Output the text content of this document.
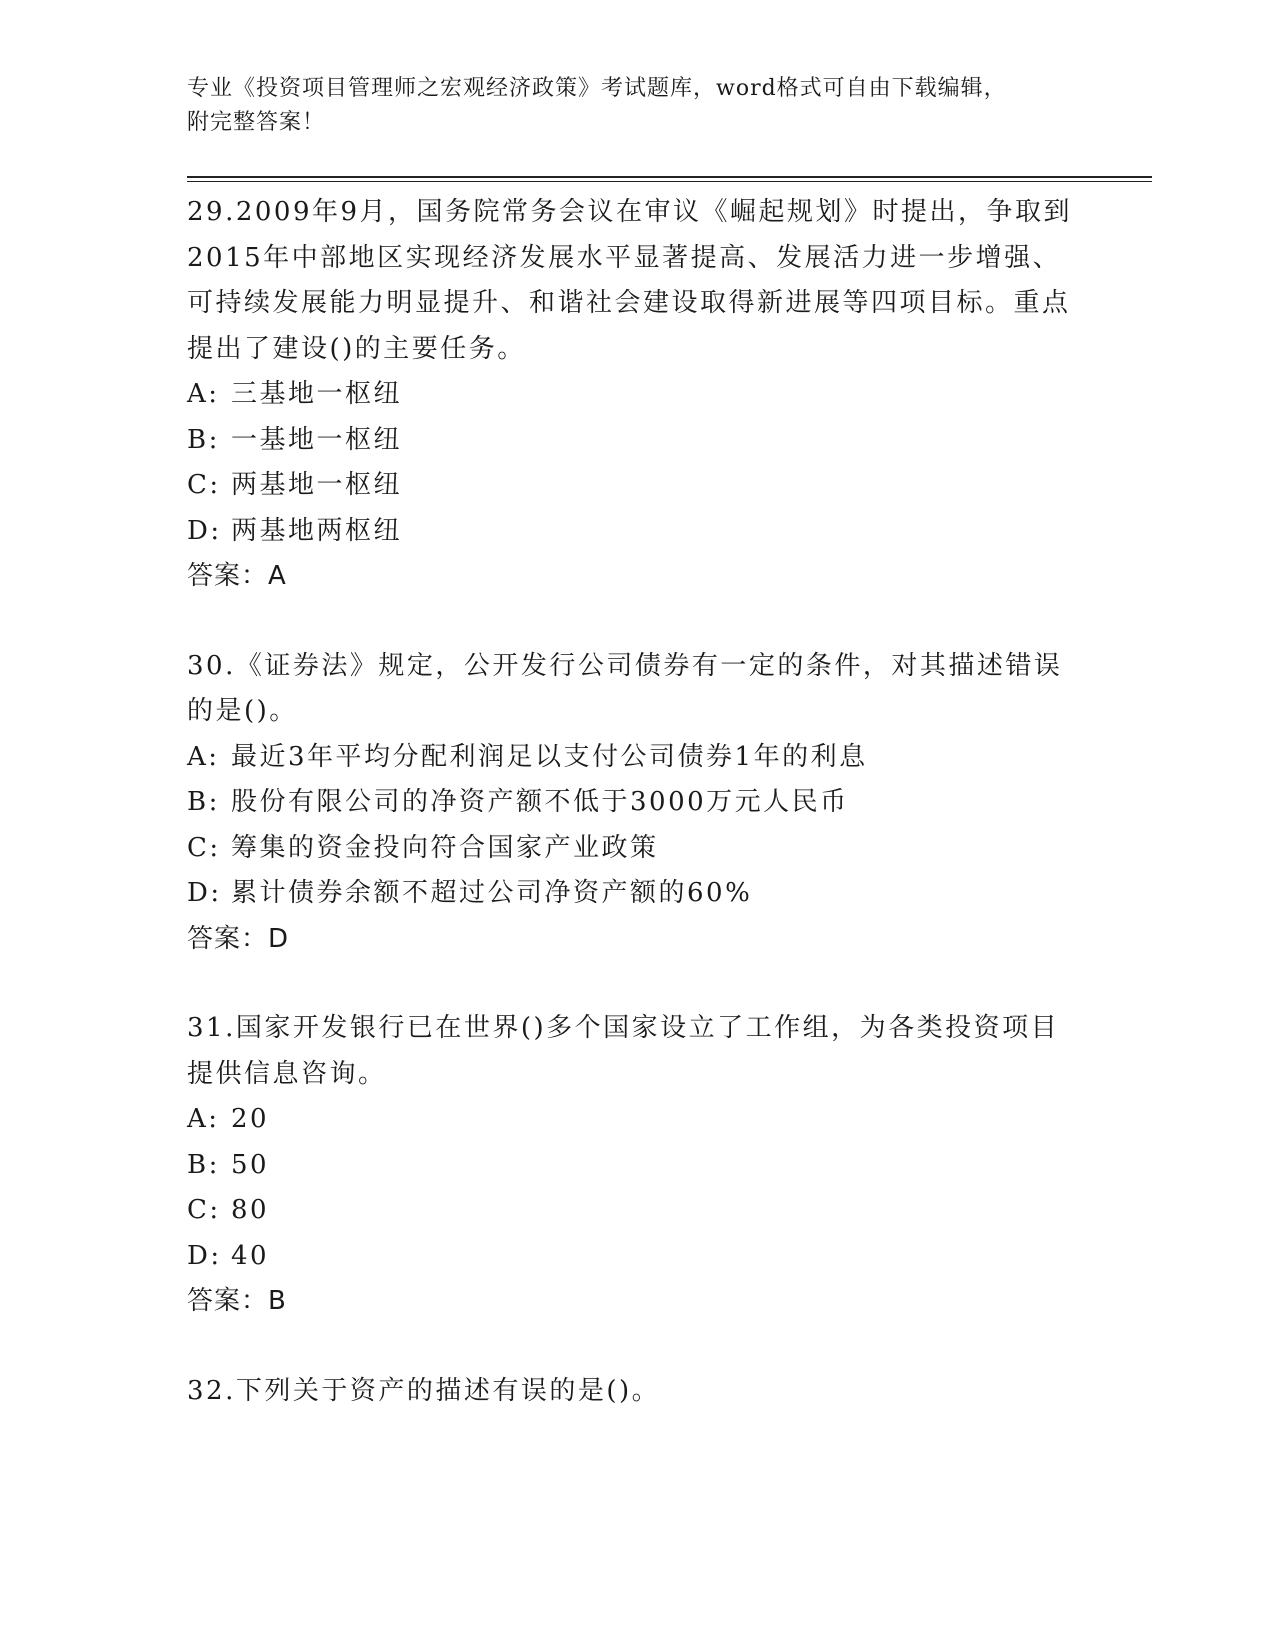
专业《投资项目管理师之宏观经济政策》考试题库，word格式可自由下载编辑，
附完整答案！
29.2009年9月，国务院常务会议在审议《崛起规划》时提出，争取到2015年中部地区实现经济发展水平显著提高、发展活力进一步增强、可持续发展能力明显提升、和谐社会建设取得新进展等四项目标。重点提出了建设()的主要任务。
A: 三基地一枢纽
B: 一基地一枢纽
C: 两基地一枢纽
D: 两基地两枢纽
答案：A
30.《证券法》规定，公开发行公司债券有一定的条件，对其描述错误的是()。
A: 最近3年平均分配利润足以支付公司债券1年的利息
B: 股份有限公司的净资产额不低于3000万元人民币
C: 筹集的资金投向符合国家产业政策
D: 累计债券余额不超过公司净资产额的60%
答案：D
31.国家开发银行已在世界()多个国家设立了工作组，为各类投资项目提供信息咨询。
A: 20
B: 50
C: 80
D: 40
答案：B
32.下列关于资产的描述有误的是()。
